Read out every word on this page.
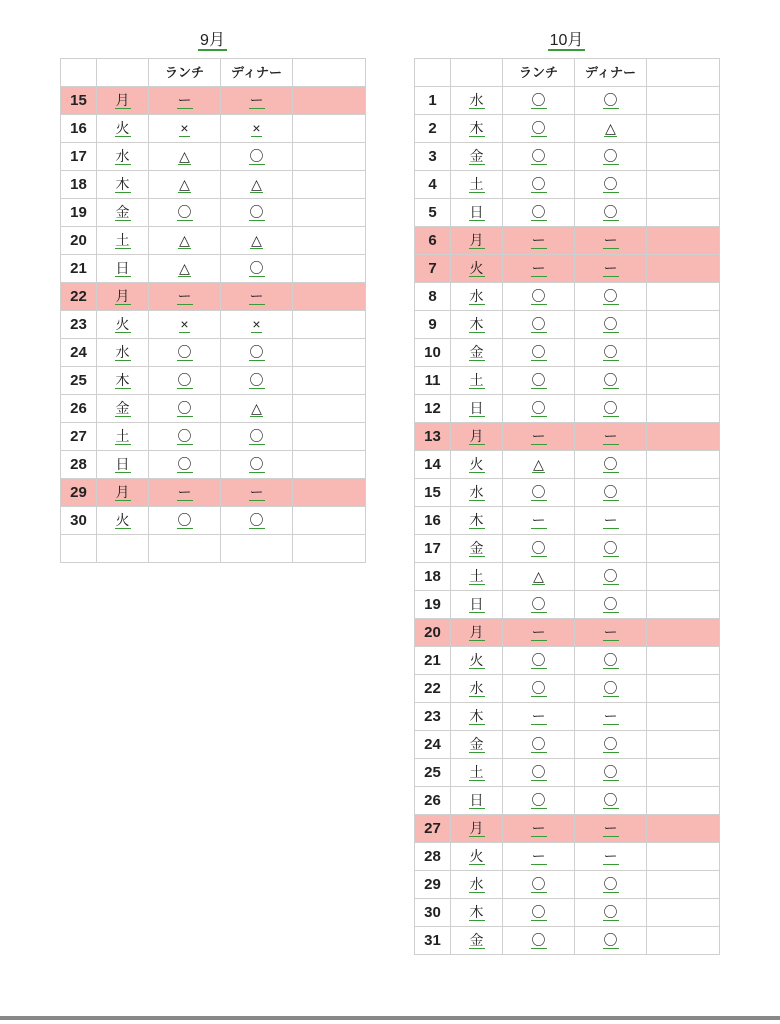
9月
		ランチ	ディナー	
15	月	ー	ー	
16	火	×	×	
17	水	△	〇	
18	木	△	△	
19	金	〇	〇	
20	土	△	△	
21	日	△	〇	
22	月	ー	ー	
23	火	×	×	
24	水	〇	〇	
25	木	〇	〇	
26	金	〇	△	
27	土	〇	〇	
28	日	〇	〇	
29	月	ー	ー	
30	火	〇	〇	

10月
		ランチ	ディナー	
1	水	〇	〇	
2	木	〇	△	
3	金	〇	〇	
4	土	〇	〇	
5	日	〇	〇	
6	月	ー	ー	
7	火	ー	ー	
8	水	〇	〇	
9	木	〇	〇	
10	金	〇	〇	
11	土	〇	〇	
12	日	〇	〇	
13	月	ー	ー	
14	火	△	〇	
15	水	〇	〇	
16	木	ー	ー	
17	金	〇	〇	
18	土	△	〇	
19	日	〇	〇	
20	月	ー	ー	
21	火	〇	〇	
22	水	〇	〇	
23	木	ー	ー	
24	金	〇	〇	
25	土	〇	〇	
26	日	〇	〇	
27	月	ー	ー	
28	火	ー	ー	
29	水	〇	〇	
30	木	〇	〇	
31	金	〇	〇	
